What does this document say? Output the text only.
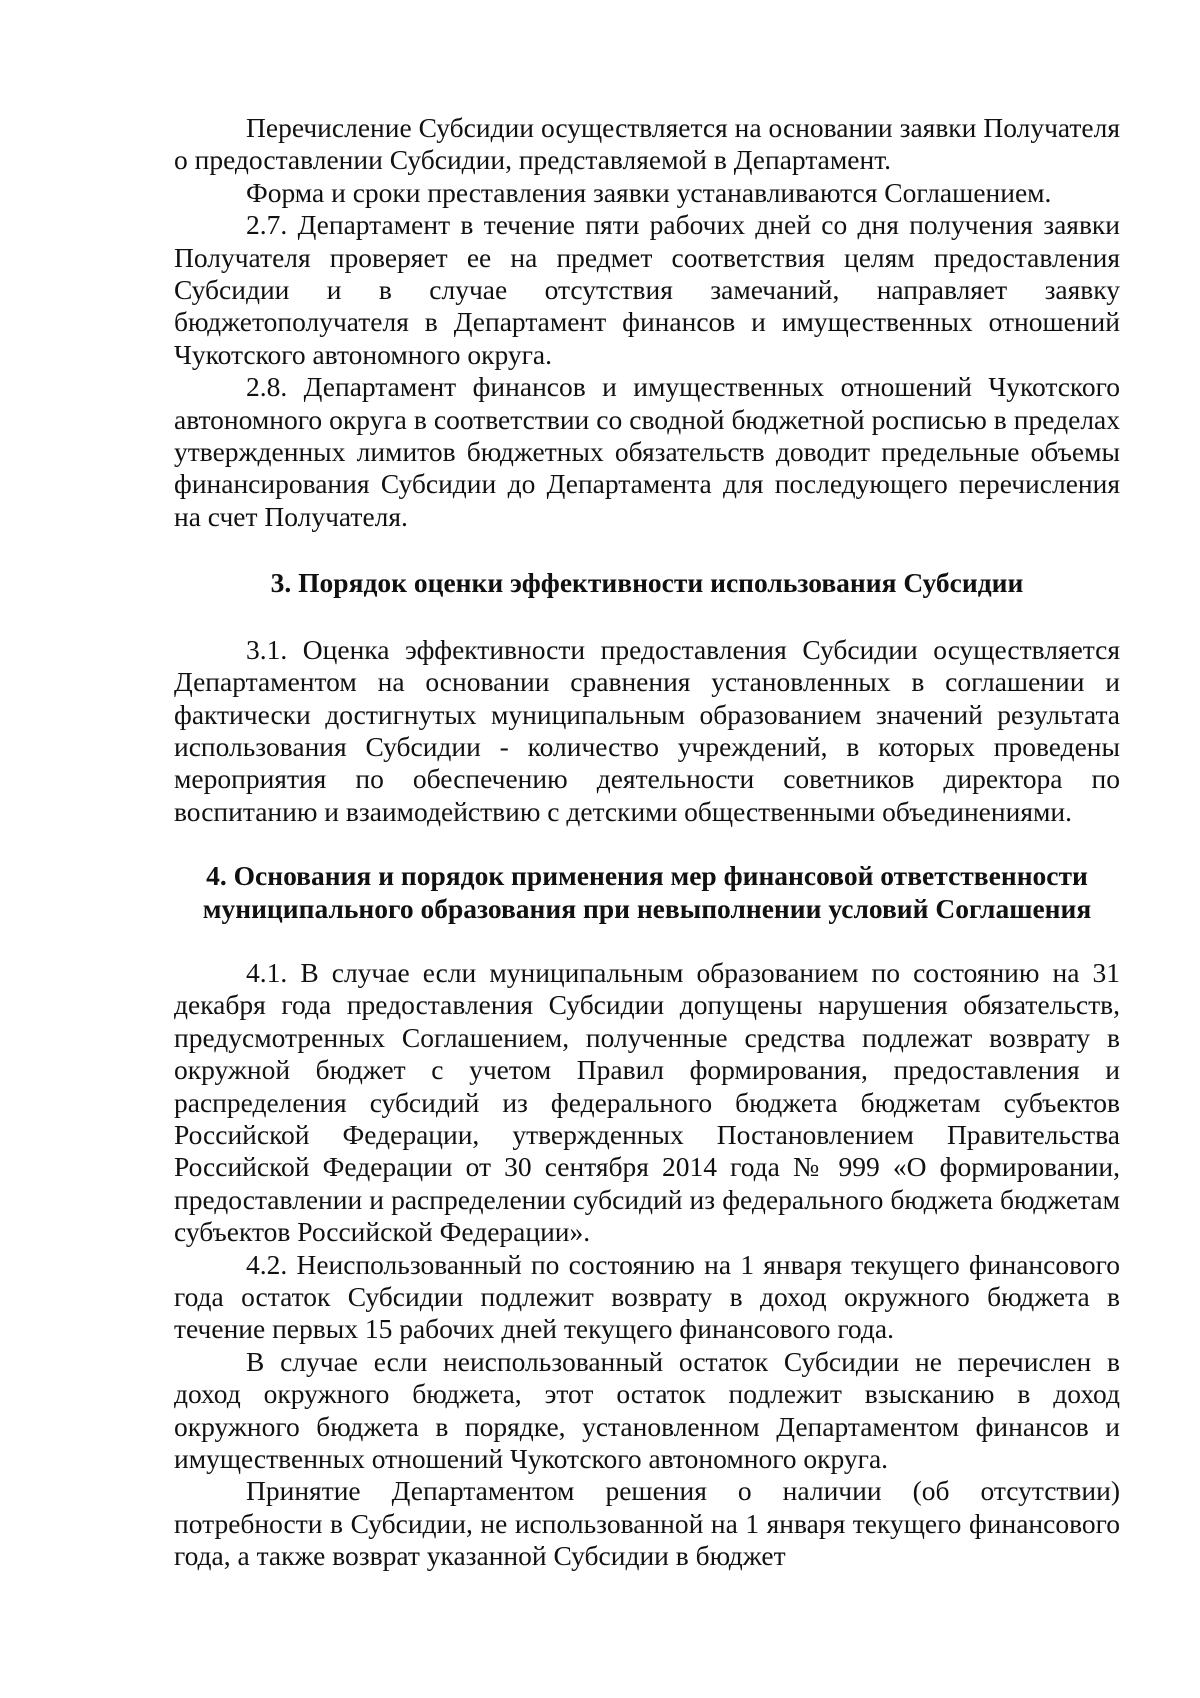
Перечисление Субсидии осуществляется на основании заявки Получателя о предоставлении Субсидии, представляемой в Департамент.

Форма и сроки преставления заявки устанавливаются Соглашением.

2.7. Департамент в течение пяти рабочих дней со дня получения заявки Получателя проверяет ее на предмет соответствия целям предоставления Субсидии и в случае отсутствия замечаний, направляет заявку бюджетополучателя в Департамент финансов и имущественных отношений Чукотского автономного округа.

2.8. Департамент финансов и имущественных отношений Чукотского автономного округа в соответствии со сводной бюджетной росписью в пределах утвержденных лимитов бюджетных обязательств доводит предельные объемы финансирования Субсидии до Департамента для последующего перечисления на счет Получателя.

3. Порядок оценки эффективности использования Субсидии

3.1. Оценка эффективности предоставления Субсидии осуществляется Департаментом на основании сравнения установленных в соглашении и фактически достигнутых муниципальным образованием значений результата использования Субсидии - количество учреждений, в которых проведены мероприятия по обеспечению деятельности советников директора по воспитанию и взаимодействию с детскими общественными объединениями.

4. Основания и порядок применения мер финансовой ответственности
муниципального образования при невыполнении условий Соглашения

4.1. В случае если муниципальным образованием по состоянию на 31 декабря года предоставления Субсидии допущены нарушения обязательств, предусмотренных Соглашением, полученные средства подлежат возврату в окружной бюджет с учетом Правил формирования, предоставления и распределения субсидий из федерального бюджета бюджетам субъектов Российской Федерации, утвержденных Постановлением Правительства Российской Федерации от 30 сентября 2014 года № 999 «О формировании, предоставлении и распределении субсидий из федерального бюджета бюджетам субъектов Российской Федерации».

4.2. Неиспользованный по состоянию на 1 января текущего финансового года остаток Субсидии подлежит возврату в доход окружного бюджета в течение первых 15 рабочих дней текущего финансового года.

В случае если неиспользованный остаток Субсидии не перечислен в доход окружного бюджета, этот остаток подлежит взысканию в доход окружного бюджета в порядке, установленном Департаментом финансов и имущественных отношений Чукотского автономного округа.

Принятие Департаментом решения о наличии (об отсутствии) потребности в Субсидии, не использованной на 1 января текущего финансового года, а также возврат указанной Субсидии в бюджет
